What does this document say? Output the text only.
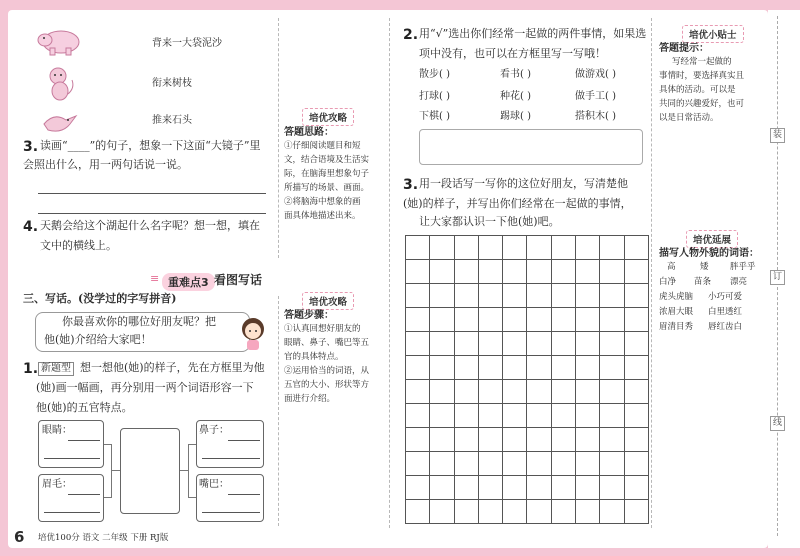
装
订
线
背来一大袋泥沙
衔来树枝
推来石头
3. 读画“____”的句子，想象一下这面“大镜子”里
会照出什么，用一两句话说一说。
4. 天鹅会给这个湖起什么名字呢？想一想，填在
文中的横线上。
≡ 重难点3 看图写话
三、写话。(没学过的字写拼音)
你最喜欢你的哪位好朋友呢？把
他(她)介绍给大家吧！
1. 新题型 想一想他(她)的样子，先在方框里为他
(她)画一幅画，再分别用一两个词语形容一下
他(她)的五官特点。
眼睛：
眉毛：
鼻子：
嘴巴：
6 培优100分 语文 二年级 下册 RJ版
培优攻略
答题思路：
①仔细阅读题目和短
文，结合语境及生活实
际，在脑海里想象句子
所描写的场景、画面。
②将脑海中想象的画
面具体地描述出来。
培优攻略
答题步骤：
①认真回想好朋友的
眼睛、鼻子、嘴巴等五
官的具体特点。
②运用恰当的词语，从
五官的大小、形状等方
面进行介绍。
2. 用“√”选出你们经常一起做的两件事情，如果选
项中没有，也可以在方框里写一写哦！
散步( )	看书( )	做游戏( )
打球( )	种花( )	做手工( )
下棋( )	踢球( )	搭积木( )
3. 用一段话写一写你的这位好朋友，写清楚他
(她)的样子，并写出你们经常在一起做的事情，
让大家都认识一下他(她)吧。
培优小贴士
答题提示：
写经常一起做的
事情时，要选择真实且
具体的活动。可以是
共同的兴趣爱好，也可
以是日常活动。
培优延展
描写人物外貌的词语：
高	矮	胖乎乎
白净 苗条 漂亮
虎头虎脑 小巧可爱
浓眉大眼 白里透红
眉清目秀 唇红齿白
